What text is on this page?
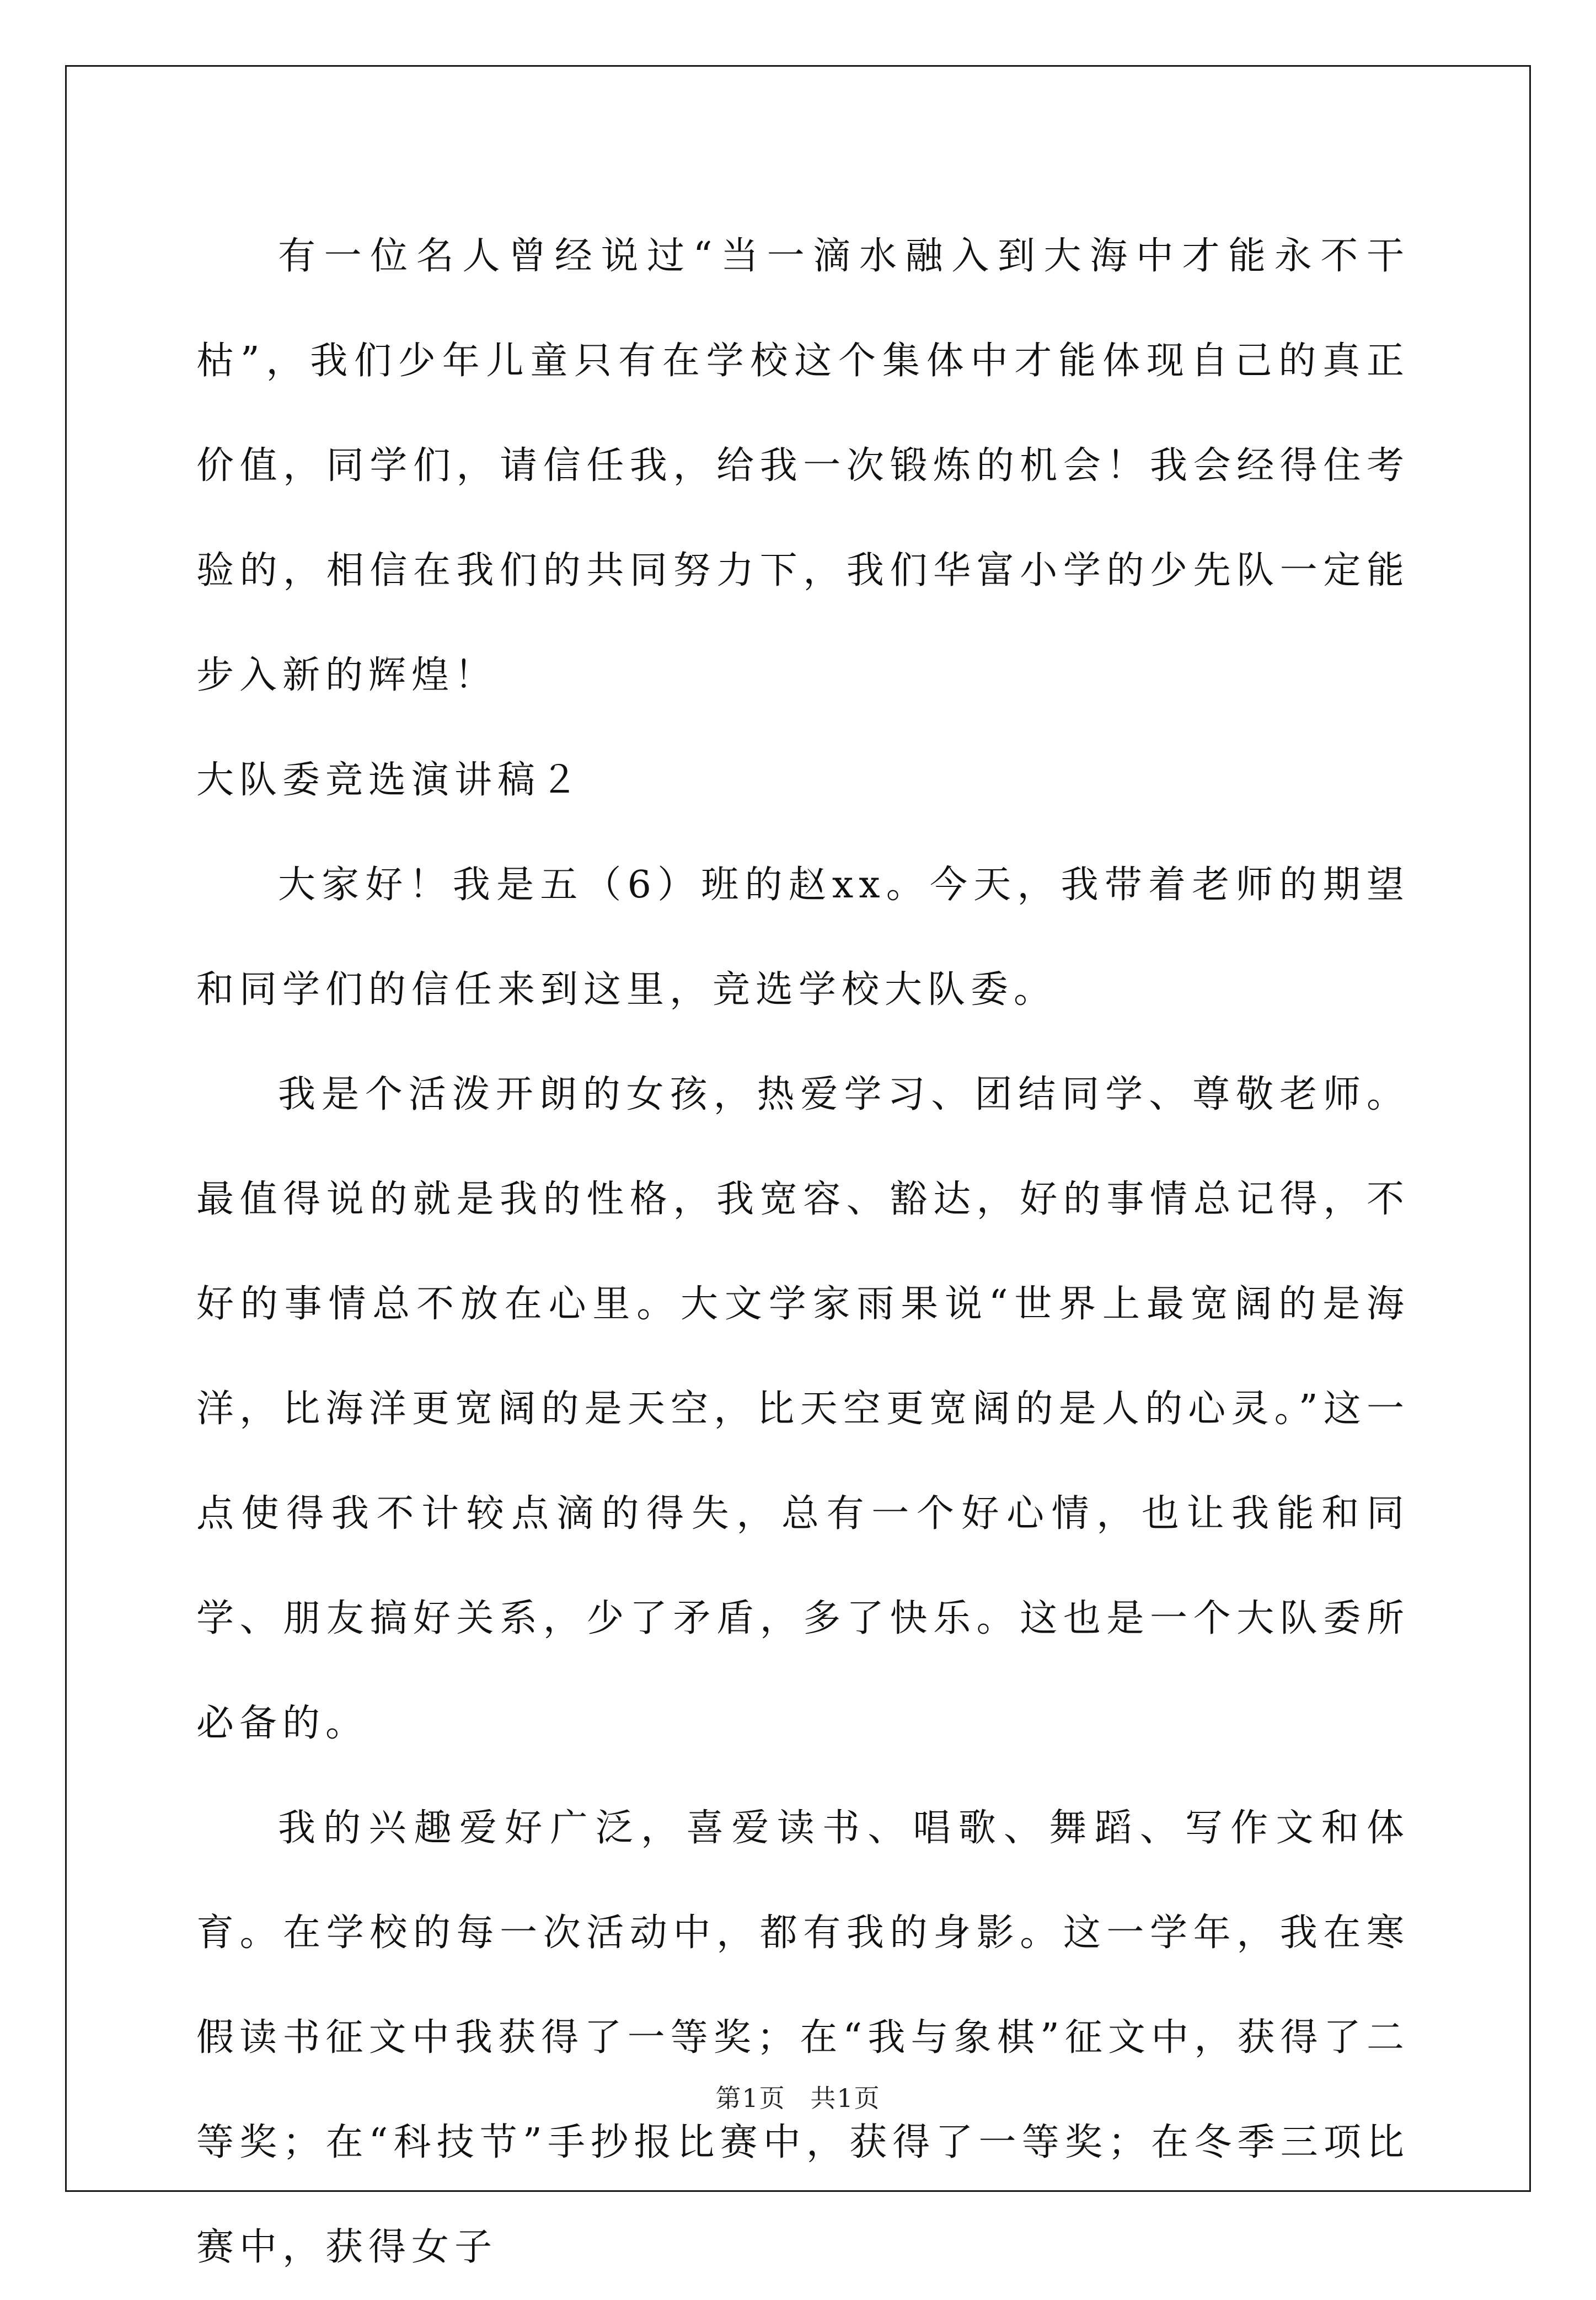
有一位名人曾经说过“当一滴水融入到大海中才能永不干枯”，我们少年儿童只有在学校这个集体中才能体现自己的真正价值，同学们，请信任我，给我一次锻炼的机会！我会经得住考验的，相信在我们的共同努力下，我们华富小学的少先队一定能步入新的辉煌！

大队委竞选演讲稿２

大家好！我是五（6）班的赵xx。今天，我带着老师的期望和同学们的信任来到这里，竞选学校大队委。

我是个活泼开朗的女孩，热爱学习、团结同学、尊敬老师。最值得说的就是我的性格，我宽容、豁达，好的事情总记得，不好的事情总不放在心里。大文学家雨果说“世界上最宽阔的是海洋，比海洋更宽阔的是天空，比天空更宽阔的是人的心灵。”这一点使得我不计较点滴的得失，总有一个好心情，也让我能和同学、朋友搞好关系，少了矛盾，多了快乐。这也是一个大队委所必备的。

我的兴趣爱好广泛，喜爱读书、唱歌、舞蹈、写作文和体育。在学校的每一次活动中，都有我的身影。这一学年，我在寒假读书征文中我获得了一等奖；在“我与象棋”征文中，获得了二等奖；在“科技节”手抄报比赛中，获得了一等奖；在冬季三项比赛中，获得女子

第1页 共1页
